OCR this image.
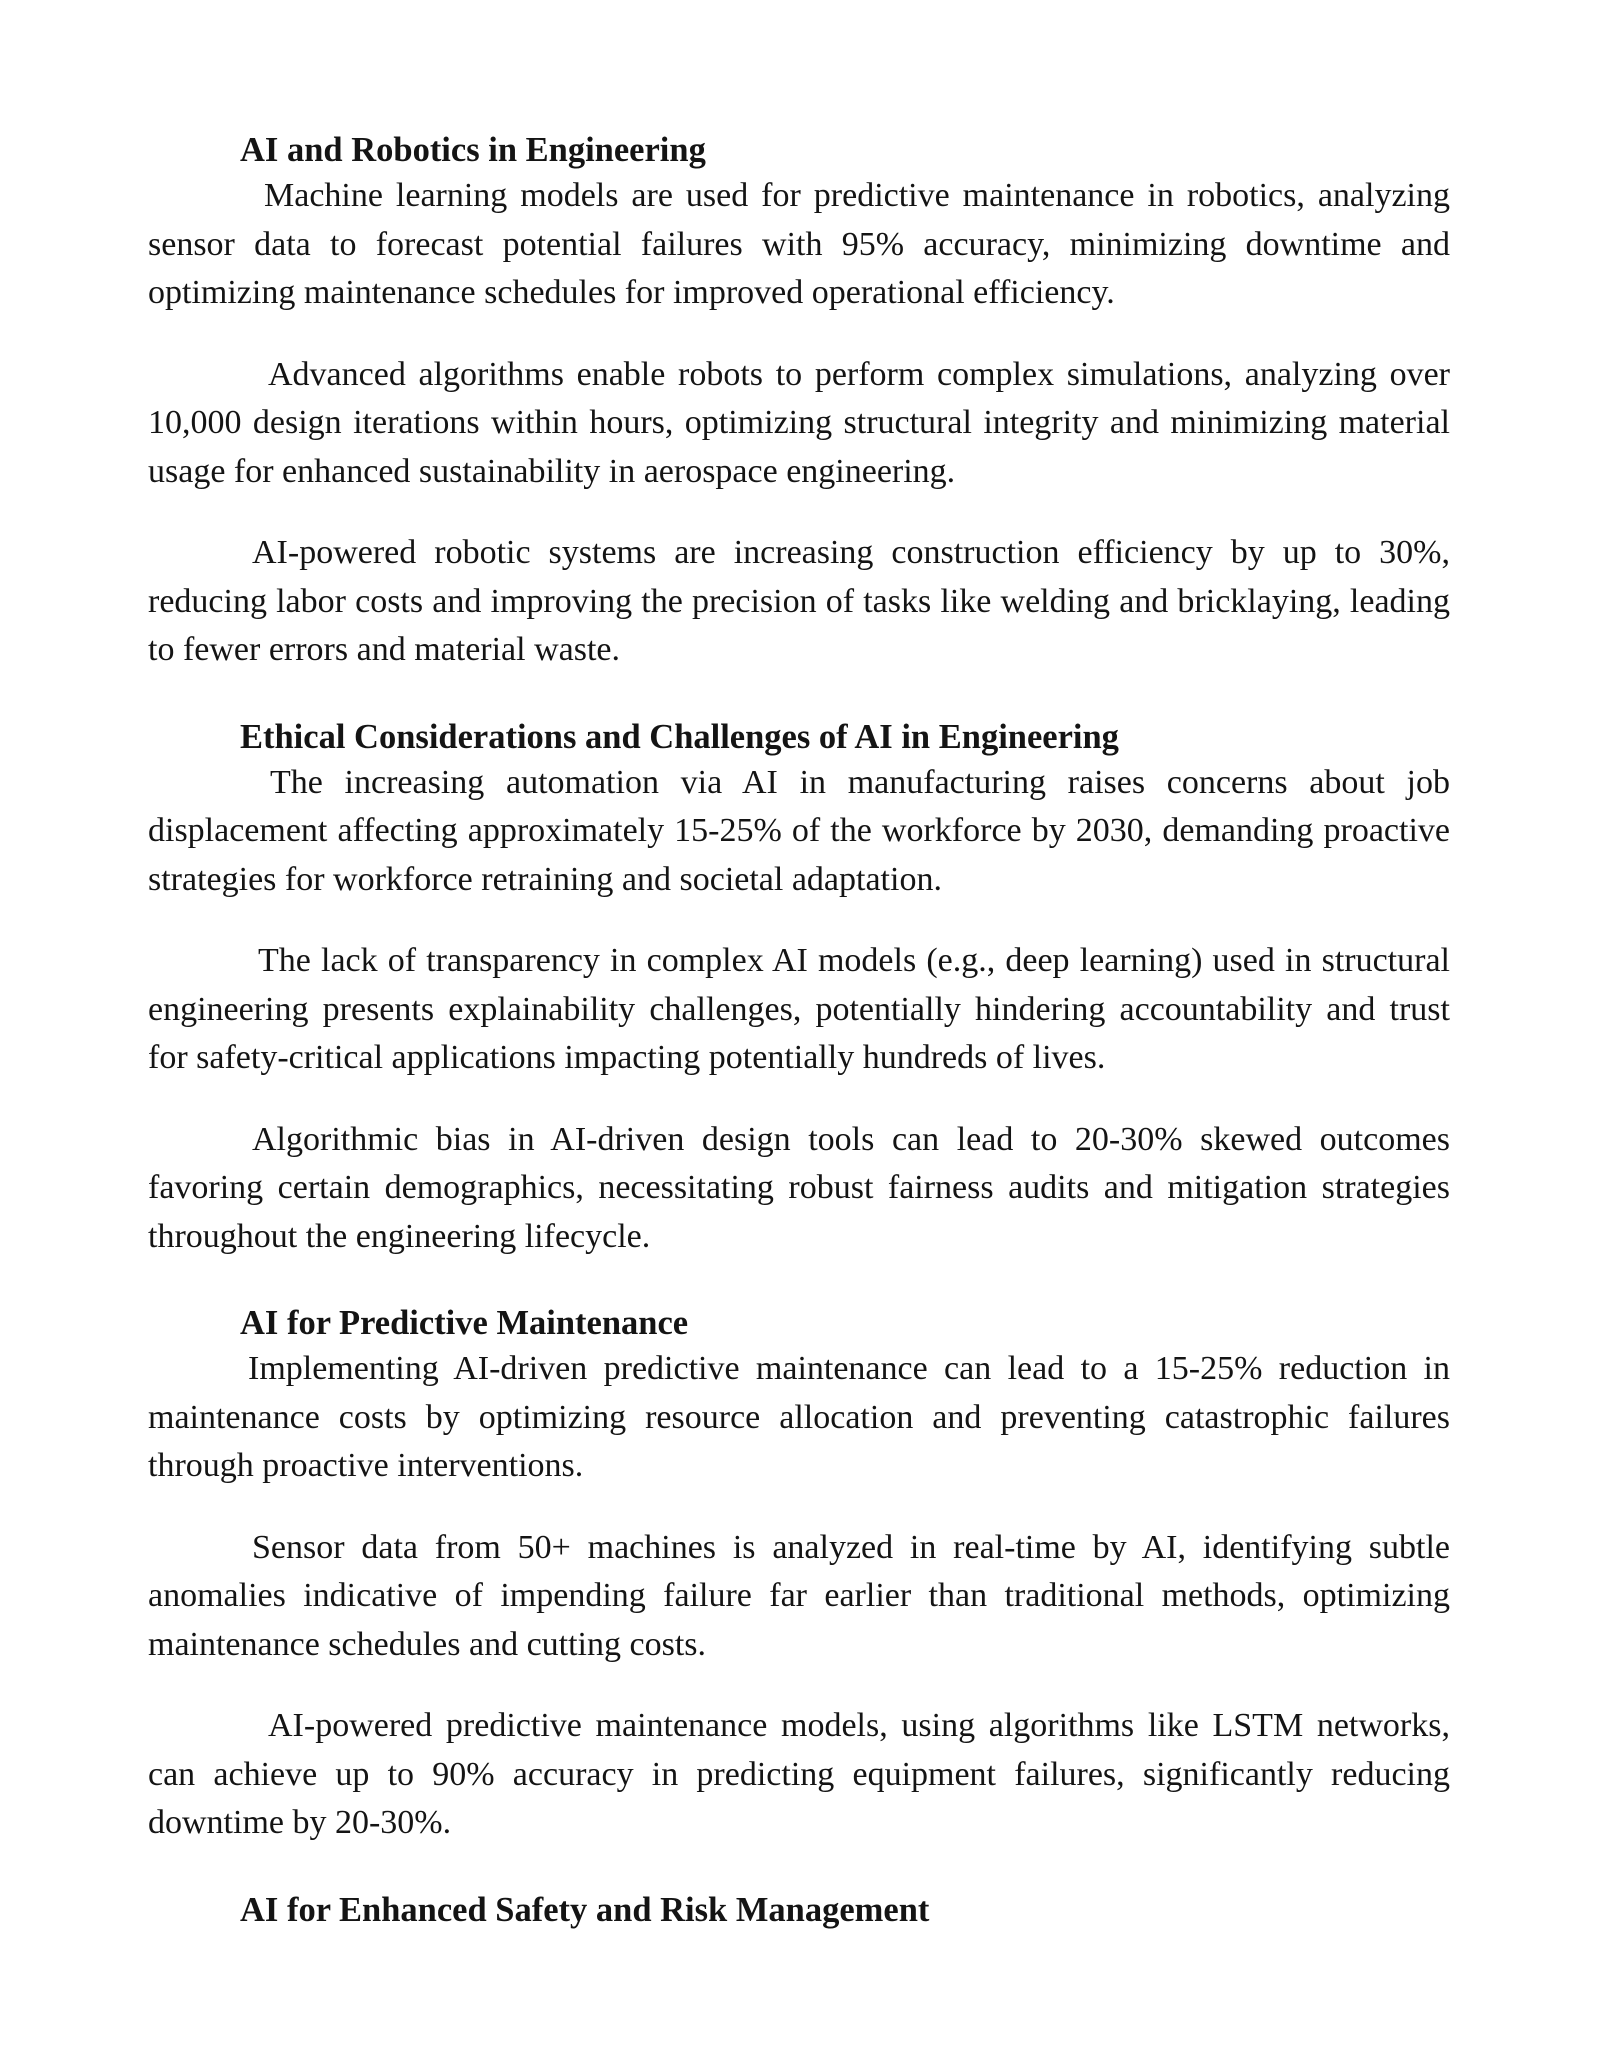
AI and Robotics in Engineering

Machine learning models are used for predictive maintenance in robotics, analyzing sensor data to forecast potential failures with 95% accuracy, minimizing downtime and optimizing maintenance schedules for improved operational efficiency.

Advanced algorithms enable robots to perform complex simulations, analyzing over 10,000 design iterations within hours, optimizing structural integrity and minimizing material usage for enhanced sustainability in aerospace engineering.

AI-powered robotic systems are increasing construction efficiency by up to 30%, reducing labor costs and improving the precision of tasks like welding and bricklaying, leading to fewer errors and material waste.

Ethical Considerations and Challenges of AI in Engineering

The increasing automation via AI in manufacturing raises concerns about job displacement affecting approximately 15-25% of the workforce by 2030, demanding proactive strategies for workforce retraining and societal adaptation.

The lack of transparency in complex AI models (e.g., deep learning) used in structural engineering presents explainability challenges, potentially hindering accountability and trust for safety-critical applications impacting potentially hundreds of lives.

Algorithmic bias in AI-driven design tools can lead to 20-30% skewed outcomes favoring certain demographics, necessitating robust fairness audits and mitigation strategies throughout the engineering lifecycle.

AI for Predictive Maintenance

Implementing AI-driven predictive maintenance can lead to a 15-25% reduction in maintenance costs by optimizing resource allocation and preventing catastrophic failures through proactive interventions.

Sensor data from 50+ machines is analyzed in real-time by AI, identifying subtle anomalies indicative of impending failure far earlier than traditional methods, optimizing maintenance schedules and cutting costs.

AI-powered predictive maintenance models, using algorithms like LSTM networks, can achieve up to 90% accuracy in predicting equipment failures, significantly reducing downtime by 20-30%.

AI for Enhanced Safety and Risk Management
